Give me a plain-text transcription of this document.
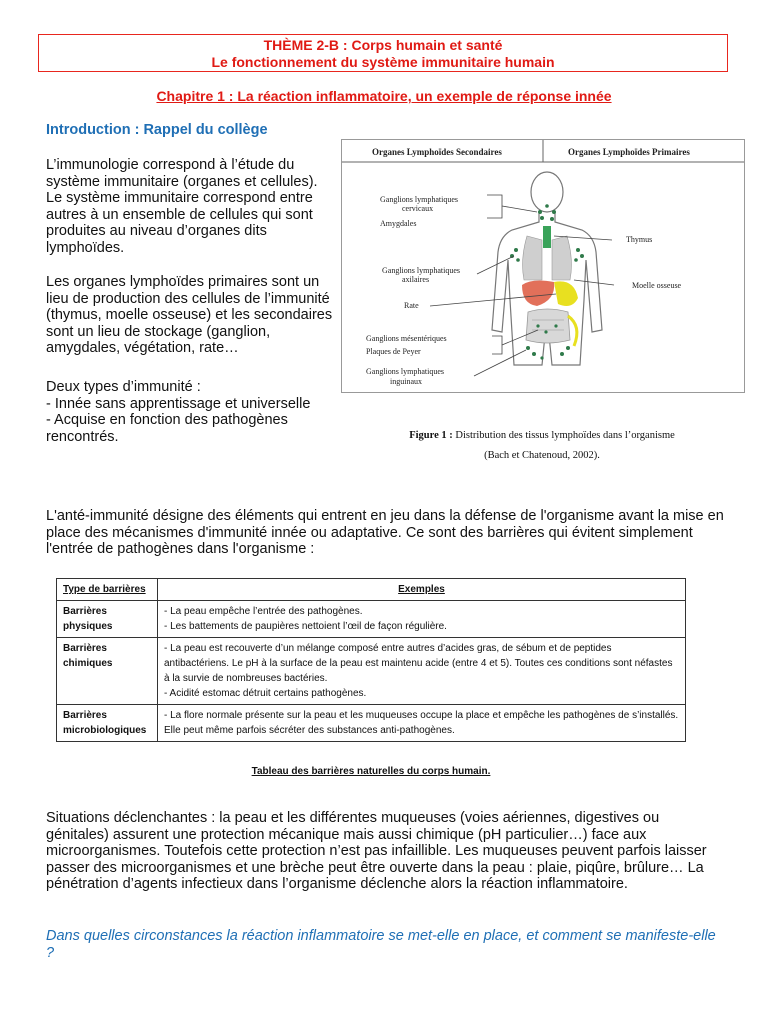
THÈME 2-B : Corps humain et santé
Le fonctionnement du système immunitaire humain
Chapitre 1 : La réaction inflammatoire, un exemple de réponse innée
Introduction : Rappel du collège
L’immunologie correspond à l’étude du système immunitaire (organes et cellules). Le système immunitaire correspond entre autres à un ensemble de cellules qui sont produites au niveau d’organes dits lymphoïdes.
Les organes lymphoïdes primaires sont un lieu de production des cellules de l’immunité (thymus, moelle osseuse) et les secondaires sont un lieu de stockage (ganglion, amygdales, végétation, rate…
Deux types d’immunité :
- Innée sans apprentissage et universelle
- Acquise en fonction des pathogènes rencontrés.
Organes Lymphoïdes Secondaires	Organes Lymphoïdes Primaires
Ganglions lymphatiques
cervicaux
Amygdales
Thymus
Ganglions lymphatiques
axilaires
Moelle osseuse
Rate
Ganglions mésentériques
Plaques de Peyer
Ganglions lymphatiques
inguinaux
Figure 1 : Distribution des tissus lymphoïdes dans l’organisme
(Bach et Chatenoud, 2002).
L'anté-immunité désigne des éléments qui entrent en jeu dans la défense de l'organisme avant la mise en place des mécanismes d'immunité innée ou adaptative. Ce sont des barrières qui évitent simplement l'entrée de pathogènes dans l'organisme :
Type de barrières	Exemples
Barrières physiques	- La peau empêche l’entrée des pathogènes.
- Les battements de paupières nettoient l’œil de façon régulière.

Barrières chimiques	- La peau est recouverte d’un mélange composé entre autres d’acides gras, de sébum et de peptides antibactériens. Le pH à la surface de la peau est maintenu acide (entre 4 et 5). Toutes ces conditions sont néfastes à la survie de nombreuses bactéries.
- Acidité estomac détruit certains pathogènes.

Barrières microbiologiques	- La flore normale présente sur la peau et les muqueuses occupe la place et empêche les pathogènes de s’installés. Elle peut même parfois sécréter des substances anti-pathogènes.
Tableau des barrières naturelles du corps humain.
Situations déclenchantes : la peau et les différentes muqueuses (voies aériennes, digestives ou génitales) assurent une protection mécanique mais aussi chimique (pH particulier…) face aux microorganismes. Toutefois cette protection n’est pas infaillible. Les muqueuses peuvent parfois laisser passer des microorganismes et une brèche peut être ouverte dans la peau : plaie, piqûre, brûlure… La pénétration d’agents infectieux dans l’organisme déclenche alors la réaction inflammatoire.
Dans quelles circonstances la réaction inflammatoire se met-elle en place, et comment se manifeste-elle ?
